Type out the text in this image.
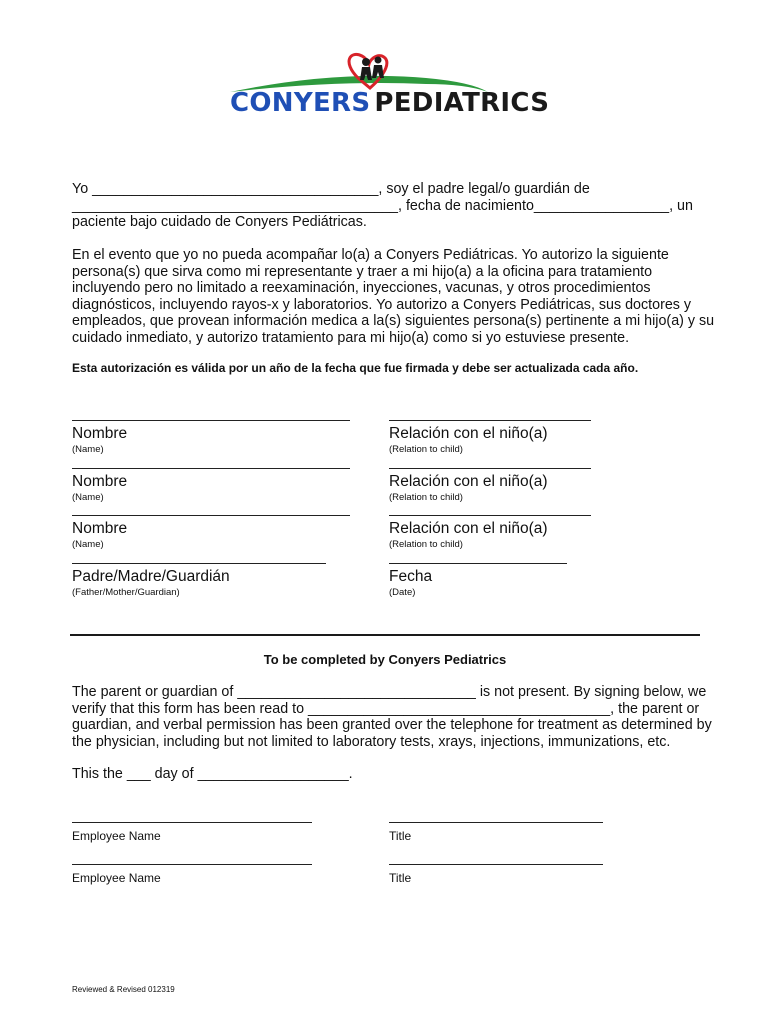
CONYERS PEDIATRICS

Yo ____________________________________, soy el padre legal/o guardián de

_________________________________________, fecha de nacimiento_________________, un

paciente bajo cuidado de Conyers Pediátricas.

En el evento que yo no pueda acompañar lo(a) a Conyers Pediátricas. Yo autorizo la siguiente

persona(s) que sirva como mi representante y traer a mi hijo(a) a la oficina para tratamiento

incluyendo pero no limitado a reexaminación, inyecciones, vacunas, y otros procedimientos

diagnósticos, incluyendo rayos-x y laboratorios. Yo autorizo a Conyers Pediátricas, sus doctores y

empleados, que provean información medica a la(s) siguientes persona(s) pertinente a mi hijo(a) y su

cuidado inmediato, y autorizo tratamiento para mi hijo(a) como si yo estuviese presente.

Esta autorización es válida por un año de la fecha que fue firmada y debe ser actualizada cada año.
Nombre
(Name)
Relación con el niño(a)
(Relation to child)
Nombre
(Name)
Relación con el niño(a)
(Relation to child)
Nombre
(Name)
Relación con el niño(a)
(Relation to child)
Padre/Madre/Guardián
(Father/Mother/Guardian)
Fecha
(Date)
To be completed by Conyers Pediatrics

The parent or guardian of ______________________________ is not present. By signing below, we

verify that this form has been read to ______________________________________, the parent or

guardian, and verbal permission has been granted over the telephone for treatment as determined by

the physician, including but not limited to laboratory tests, xrays, injections, immunizations, etc.

This the ___ day of ___________________.

Employee Name	Title
Employee Name	Title
Reviewed & Revised 012319
